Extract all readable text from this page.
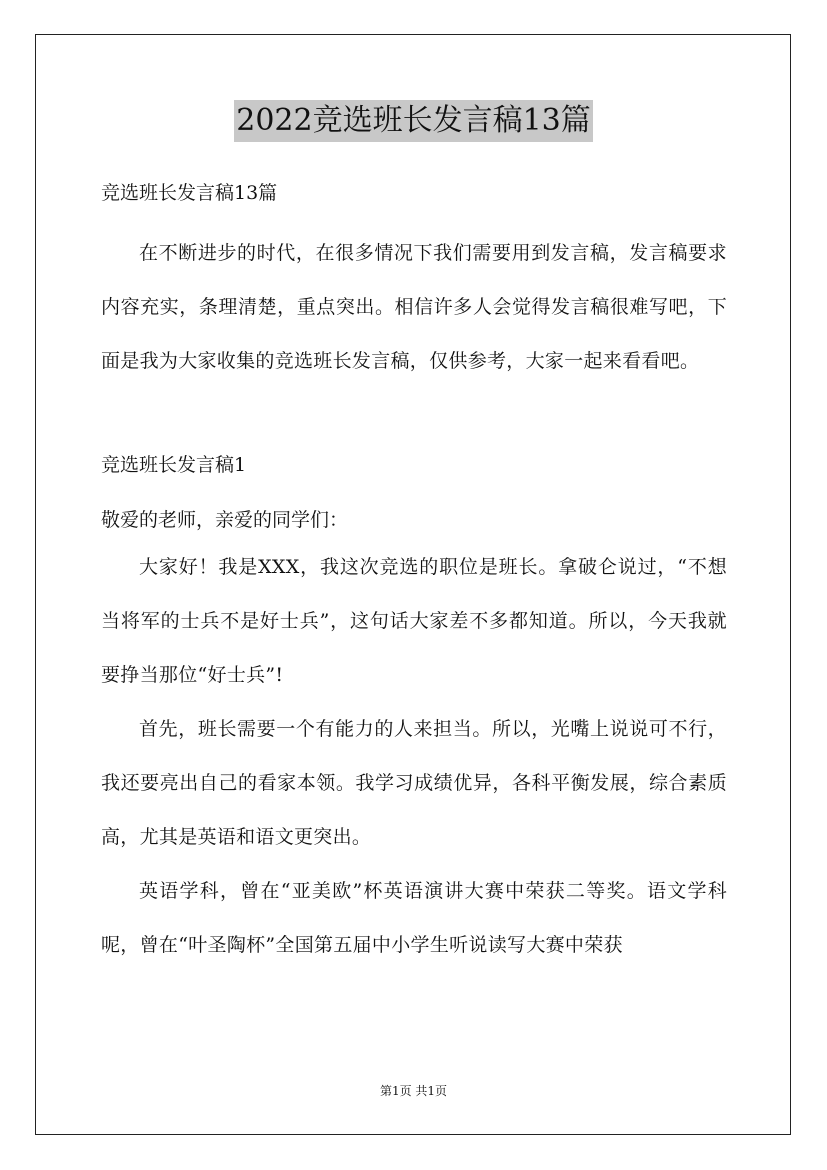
2022竞选班长发言稿13篇

竞选班长发言稿13篇

在不断进步的时代，在很多情况下我们需要用到发言稿，发言稿要求内容充实，条理清楚，重点突出。相信许多人会觉得发言稿很难写吧，下面是我为大家收集的竞选班长发言稿，仅供参考，大家一起来看看吧。

竞选班长发言稿1

敬爱的老师，亲爱的同学们：

大家好！我是XXX，我这次竞选的职位是班长。拿破仑说过，“不想当将军的士兵不是好士兵”，这句话大家差不多都知道。所以，今天我就要挣当那位“好士兵”!

首先，班长需要一个有能力的人来担当。所以，光嘴上说说可不行，我还要亮出自己的看家本领。我学习成绩优异，各科平衡发展，综合素质高，尤其是英语和语文更突出。

英语学科，曾在“亚美欧”杯英语演讲大赛中荣获二等奖。语文学科呢，曾在“叶圣陶杯”全国第五届中小学生听说读写大赛中荣获

第1页 共1页
